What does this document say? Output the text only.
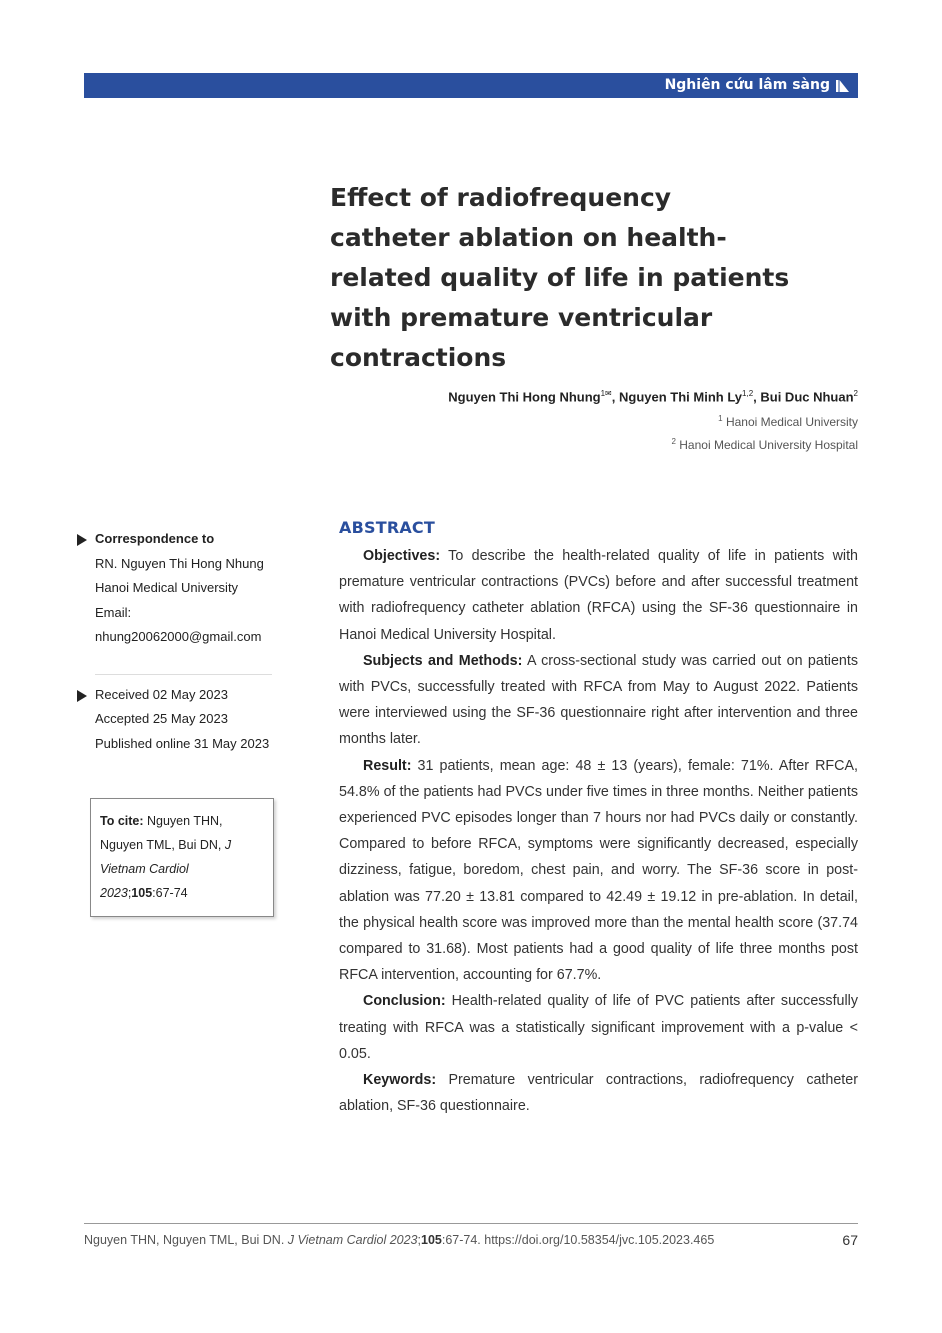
Nghiên cứu lâm sàng
Effect of radiofrequency catheter ablation on health-related quality of life in patients with premature ventricular contractions
Nguyen Thi Hong Nhung$^{1✉}$, Nguyen Thi Minh Ly$^{1,2}$, Bui Duc Nhuan$^2$
$^1$ Hanoi Medical University
$^2$ Hanoi Medical University Hospital
Correspondence to
RN. Nguyen Thi Hong Nhung
Hanoi Medical University
Email: nhung20062000@gmail.com
Received 02 May 2023
Accepted 25 May 2023
Published online 31 May 2023
To cite: Nguyen THN, Nguyen TML, Bui DN, J Vietnam Cardiol 2023;105:67-74
ABSTRACT

Objectives: To describe the health-related quality of life in patients with premature ventricular contractions (PVCs) before and after successful treatment with radiofrequency catheter ablation (RFCA) using the SF-36 questionnaire in Hanoi Medical University Hospital.

Subjects and Methods: A cross-sectional study was carried out on patients with PVCs, successfully treated with RFCA from May to August 2022. Patients were interviewed using the SF-36 questionnaire right after intervention and three months later.

Result: 31 patients, mean age: 48 ± 13 (years), female: 71%. After RFCA, 54.8% of the patients had PVCs under five times in three months. Neither patients experienced PVC episodes longer than 7 hours nor had PVCs daily or constantly. Compared to before RFCA, symptoms were significantly decreased, especially dizziness, fatigue, boredom, chest pain, and worry. The SF-36 score in post-ablation was 77.20 ± 13.81 compared to 42.49 ± 19.12 in pre-ablation. In detail, the physical health score was improved more than the mental health score (37.74 compared to 31.68). Most patients had a good quality of life three months post RFCA intervention, accounting for 67.7%.

Conclusion: Health-related quality of life of PVC patients after successfully treating with RFCA was a statistically significant improvement with a p-value < 0.05.

Keywords: Premature ventricular contractions, radiofrequency catheter ablation, SF-36 questionnaire.

Nguyen THN, Nguyen TML, Bui DN. J Vietnam Cardiol 2023;105:67-74. https://doi.org/10.58354/jvc.105.2023.465	67
